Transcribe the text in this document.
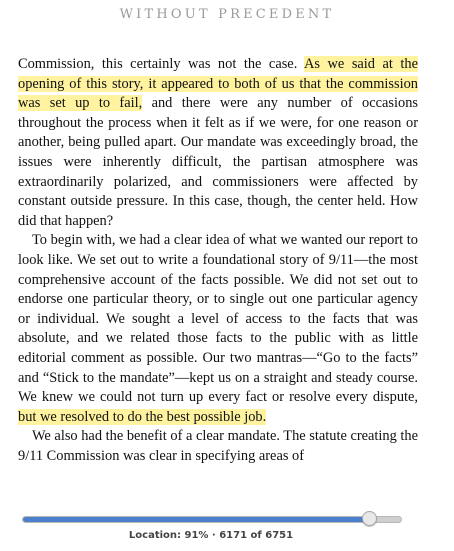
WITHOUT PRECEDENT

Commission, this certainly was not the case. As we said at the opening of this story, it appeared to both of us that the commission was set up to fail, and there were any number of occasions throughout the process when it felt as if we were, for one reason or another, being pulled apart. Our mandate was exceedingly broad, the issues were inherently difficult, the partisan atmosphere was extraordinarily polarized, and commissioners were affected by constant outside pressure. In this case, though, the center held. How did that happen?

To begin with, we had a clear idea of what we wanted our report to look like. We set out to write a foundational story of 9/11—the most comprehensive account of the facts possible. We did not set out to endorse one particular theory, or to single out one particular agency or individual. We sought a level of access to the facts that was absolute, and we related those facts to the public with as little editorial comment as possible. Our two mantras—“Go to the facts” and “Stick to the mandate”—kept us on a straight and steady course. We knew we could not turn up every fact or resolve every dispute, but we resolved to do the best possible job.

We also had the benefit of a clear mandate. The statute creating the 9/11 Commission was clear in specifying areas of

Location: 91% · 6171 of 6751
